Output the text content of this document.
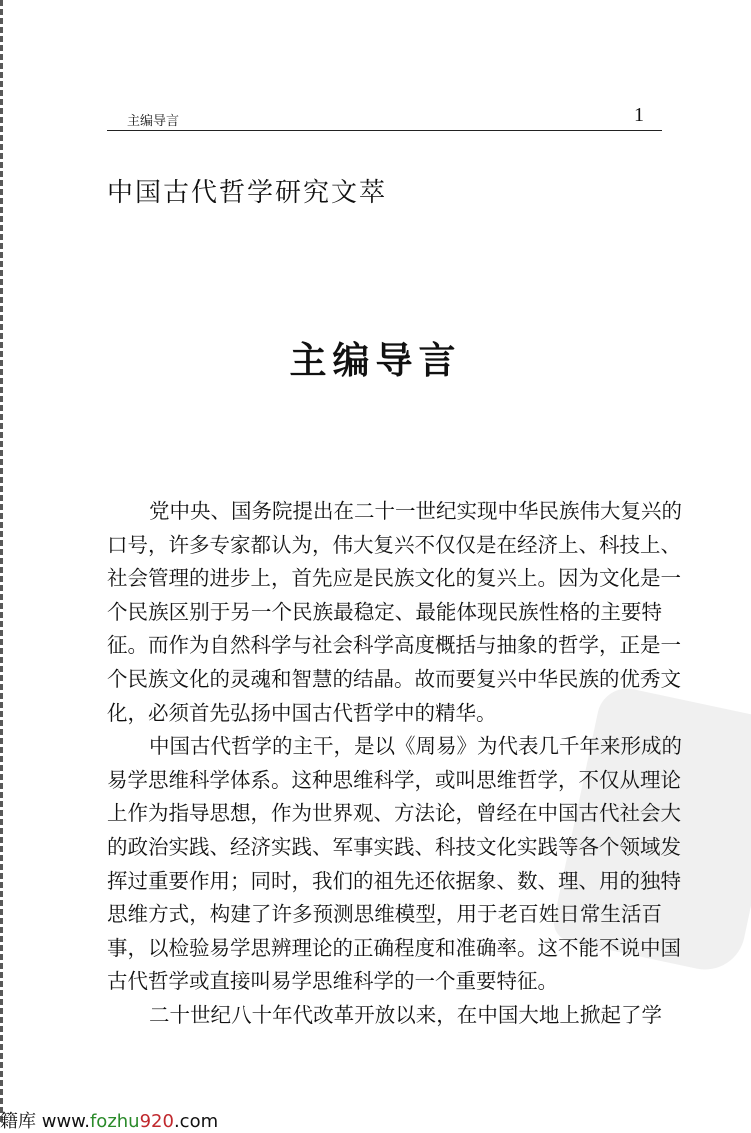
主编导言	1
中国古代哲学研究文萃
主编导言
党中央、国务院提出在二十一世纪实现中华民族伟大复兴的
口号，许多专家都认为，伟大复兴不仅仅是在经济上、科技上、
社会管理的进步上，首先应是民族文化的复兴上。因为文化是一
个民族区别于另一个民族最稳定、最能体现民族性格的主要特
征。而作为自然科学与社会科学高度概括与抽象的哲学，正是一
个民族文化的灵魂和智慧的结晶。故而要复兴中华民族的优秀文
化，必须首先弘扬中国古代哲学中的精华。
中国古代哲学的主干，是以《周易》为代表几千年来形成的
易学思维科学体系。这种思维科学，或叫思维哲学，不仅从理论
上作为指导思想，作为世界观、方法论，曾经在中国古代社会大
的政治实践、经济实践、军事实践、科技文化实践等各个领域发
挥过重要作用；同时，我们的祖先还依据象、数、理、用的独特
思维方式，构建了许多预测思维模型，用于老百姓日常生活百
事，以检验易学思辨理论的正确程度和准确率。这不能不说中国
古代哲学或直接叫易学思维科学的一个重要特征。
二十世纪八十年代改革开放以来，在中国大地上掀起了学
籍库 www.fozhu920.com
